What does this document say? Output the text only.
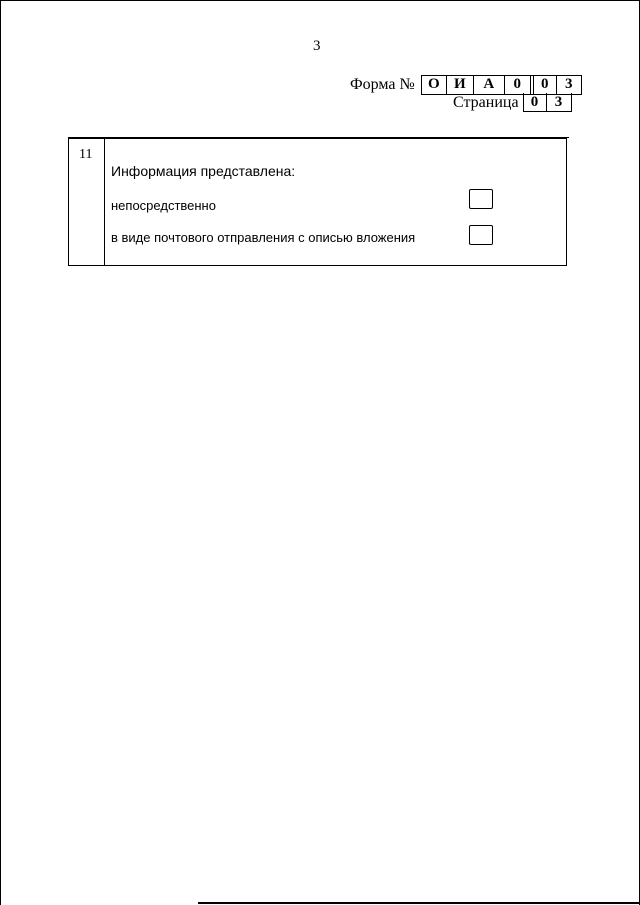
3
Форма № О И	А	0	0	3
Страница 0	3
11
Информация представлена:
непосредственно
в виде почтового отправления с описью вложения
